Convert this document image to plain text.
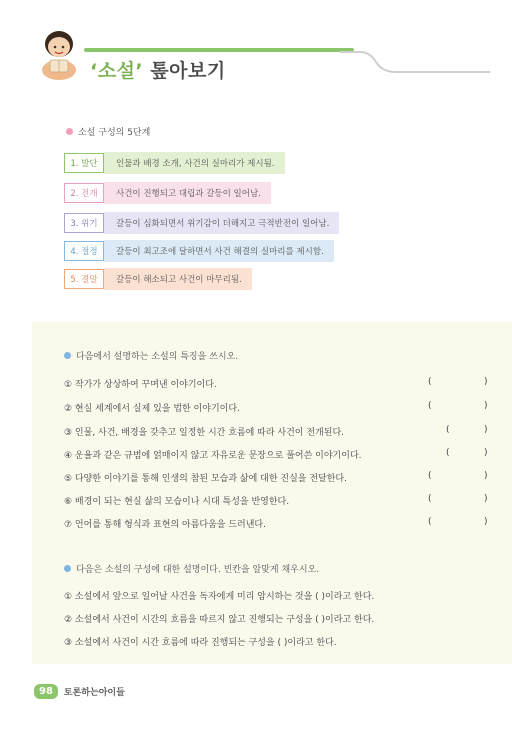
‘소설’ 톺아보기
소설 구성의 5단계
1. 발단	인물과 배경 소개, 사건의 실마리가 제시됨.
2. 전개	사건이 진행되고 대립과 갈등이 일어남.
3. 위기	갈등이 심화되면서 위기감이 더해지고 극적반전이 일어남.
4. 절정	갈등이 최고조에 달하면서 사건 해결의 실마리를 제시함.
5. 결말	갈등이 해소되고 사건이 마무리됨.
다음에서 설명하는 소설의 특징을 쓰시오.
① 작가가 상상하여 꾸며낸 이야기이다.
② 현실 세계에서 실제 있을 법한 이야기이다.
③ 인물, 사건, 배경을 갖추고 일정한 시간 흐름에 따라 사건이 전개된다.
④ 운율과 같은 규범에 얽매이지 않고 자유로운 문장으로 풀어쓴 이야기이다.
⑤ 다양한 이야기를 통해 인생의 참된 모습과 삶에 대한 진실을 전달한다.
⑥ 배경이 되는 현실 삶의 모습이나 시대 특성을 반영한다.
⑦ 언어를 통해 형식과 표현의 아름다움을 드러낸다.
(	)
(	)
(	)
(	)
(	)
(	)
(	)
다음은 소설의 구성에 대한 설명이다. 빈칸을 알맞게 채우시오.
① 소설에서 앞으로 일어날 사건을 독자에게 미리 암시하는 것을 ( )이라고 한다.
② 소설에서 사건이 시간의 흐름을 따르지 않고 진행되는 구성을 ( )이라고 한다.
③ 소설에서 사건이 시간 흐름에 따라 진행되는 구성을 ( )이라고 한다.
98	토론하는아이들
